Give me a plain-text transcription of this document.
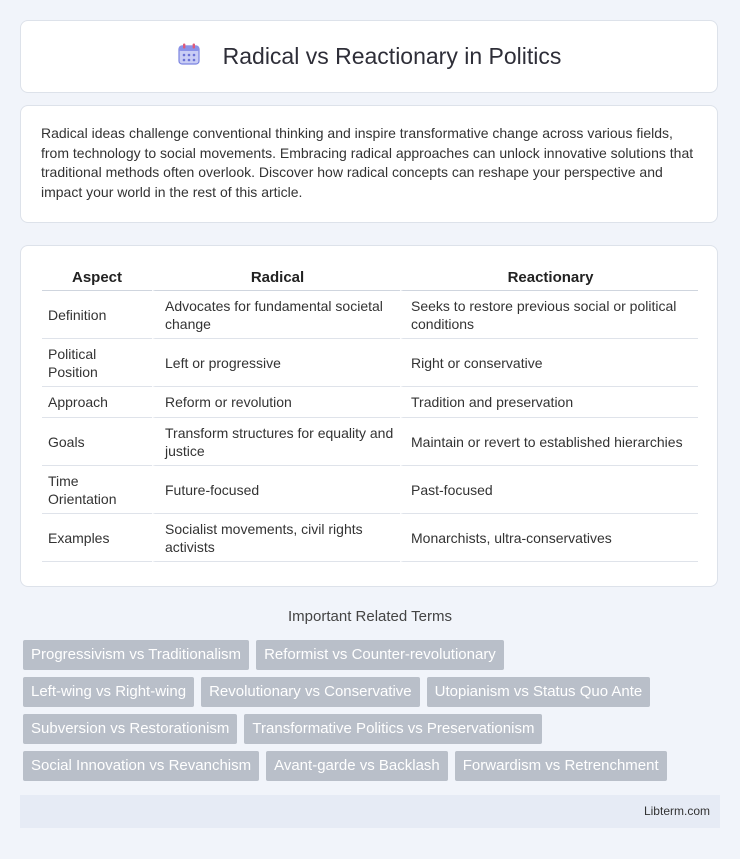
Radical vs Reactionary in Politics

Radical ideas challenge conventional thinking and inspire transformative change across various fields, from technology to social movements. Embracing radical approaches can unlock innovative solutions that traditional methods often overlook. Discover how radical concepts can reshape your perspective and impact your world in the rest of this article.

Aspect	Radical	Reactionary
Definition	Advocates for fundamental societal change	Seeks to restore previous social or political conditions
Political Position	Left or progressive	Right or conservative
Approach	Reform or revolution	Tradition and preservation
Goals	Transform structures for equality and justice	Maintain or revert to established hierarchies
Time Orientation	Future-focused	Past-focused
Examples	Socialist movements, civil rights activists	Monarchists, ultra-conservatives
Important Related Terms
Progressivism vs Traditionalism	Reformist vs Counter-revolutionary
Left-wing vs Right-wing	Revolutionary vs Conservative	Utopianism vs Status Quo Ante
Subversion vs Restorationism	Transformative Politics vs Preservationism
Social Innovation vs Revanchism	Avant-garde vs Backlash	Forwardism vs Retrenchment
Libterm.com
